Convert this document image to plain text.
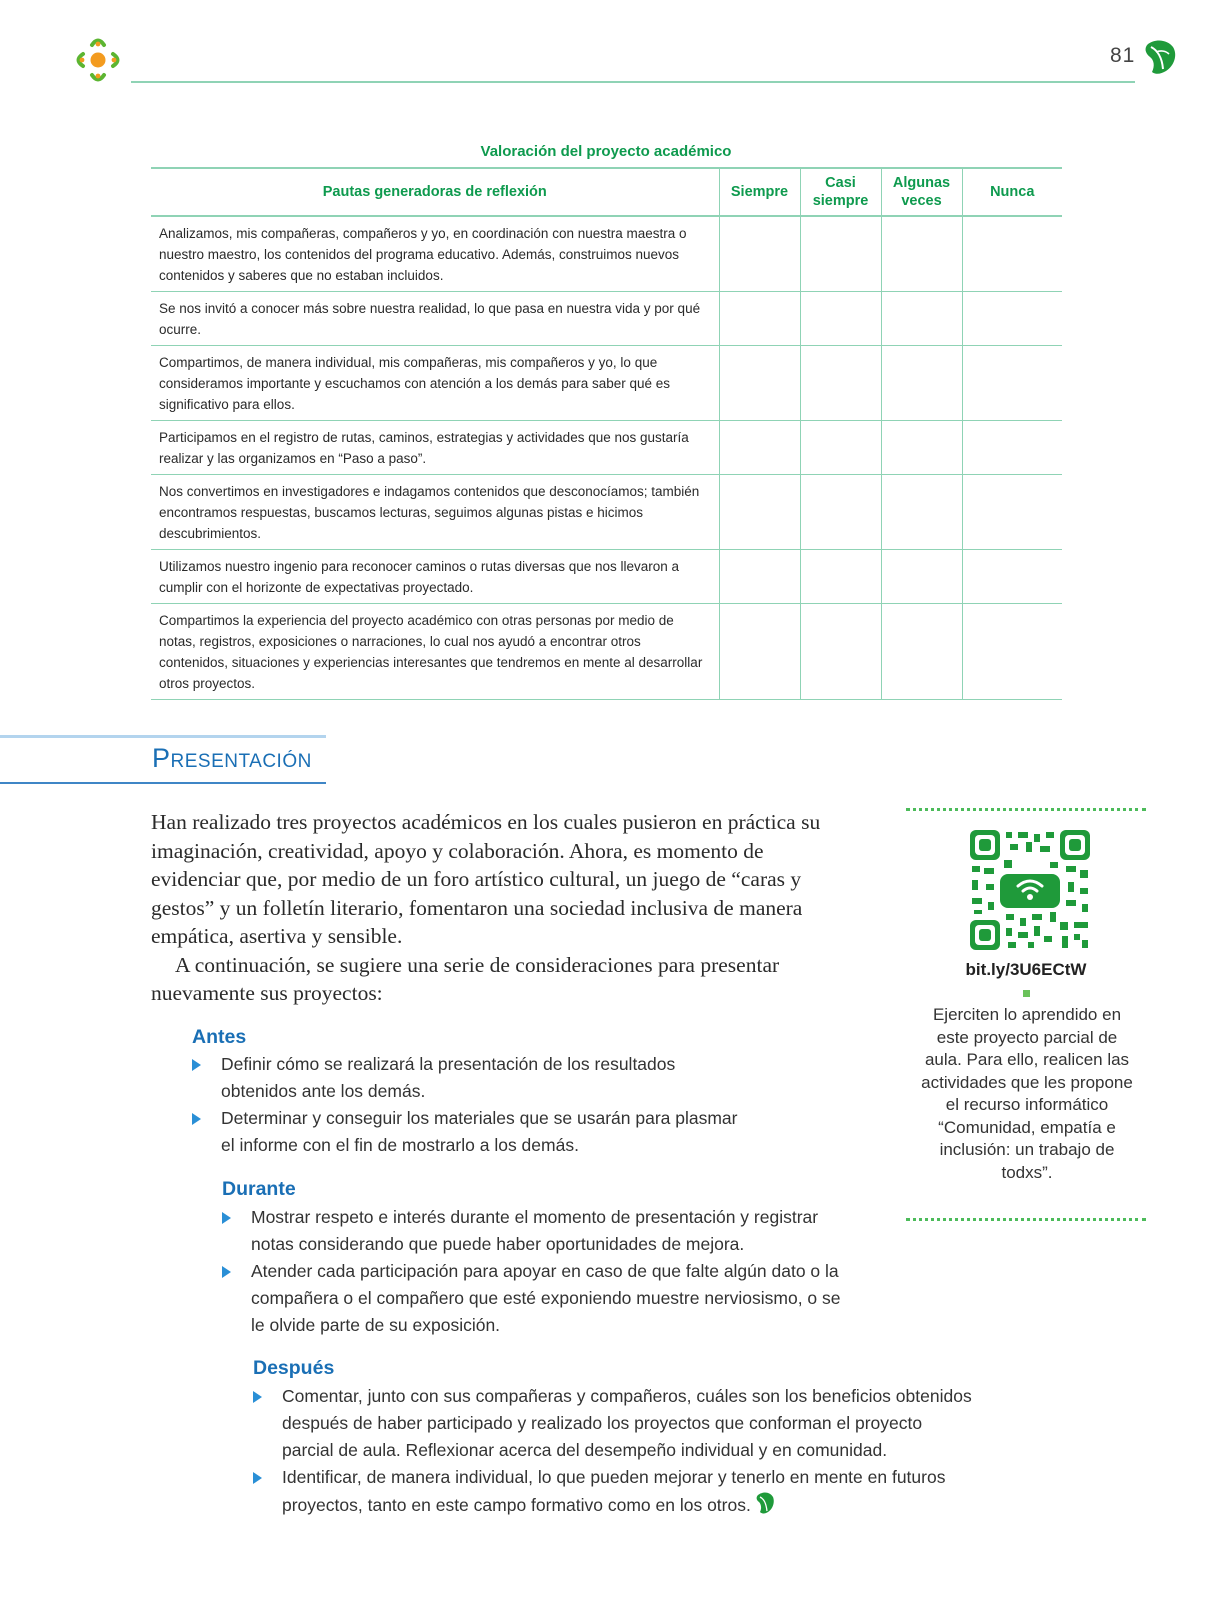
81
Valoración del proyecto académico
Pautas generadoras de reflexión	Siempre	Casi siempre	Algunas veces	Nunca
Analizamos, mis compañeras, compañeros y yo, en coordinación con nuestra maestra o nuestro maestro, los contenidos del programa educativo. Además, construimos nuevos contenidos y saberes que no estaban incluidos.				
Se nos invitó a conocer más sobre nuestra realidad, lo que pasa en nuestra vida y por qué ocurre.				
Compartimos, de manera individual, mis compañeras, mis compañeros y yo, lo que consideramos importante y escuchamos con atención a los demás para saber qué es significativo para ellos.				
Participamos en el registro de rutas, caminos, estrategias y actividades que nos gustaría realizar y las organizamos en “Paso a paso”.				
Nos convertimos en investigadores e indagamos contenidos que desconocíamos; también encontramos respuestas, buscamos lecturas, seguimos algunas pistas e hicimos descubrimientos.				
Utilizamos nuestro ingenio para reconocer caminos o rutas diversas que nos llevaron a cumplir con el horizonte de expectativas proyectado.				
Compartimos la experiencia del proyecto académico con otras personas por medio de notas, registros, exposiciones o narraciones, lo cual nos ayudó a encontrar otros contenidos, situaciones y experiencias interesantes que tendremos en mente al desarrollar otros proyectos.				
Presentación

Han realizado tres proyectos académicos en los cuales pusieron en práctica su imaginación, creatividad, apoyo y colaboración. Ahora, es momento de evidenciar que, por medio de un foro artístico cultural, un juego de “caras y gestos” y un folletín literario, fomentaron una sociedad inclusiva de manera empática, asertiva y sensible.

A continuación, se sugiere una serie de consideraciones para presentar nuevamente sus proyectos:

Antes
Definir cómo se realizará la presentación de los resultados obtenidos ante los demás.
Determinar y conseguir los materiales que se usarán para plasmar el informe con el fin de mostrarlo a los demás.
Durante
Mostrar respeto e interés durante el momento de presentación y registrar notas considerando que puede haber oportunidades de mejora.
Atender cada participación para apoyar en caso de que falte algún dato o la compañera o el compañero que esté exponiendo muestre nerviosismo, o se le olvide parte de su exposición.
Después
Comentar, junto con sus compañeras y compañeros, cuáles son los beneficios obtenidos después de haber participado y realizado los proyectos que conforman el proyecto parcial de aula. Reflexionar acerca del desempeño individual y en comunidad.
Identificar, de manera individual, lo que pueden mejorar y tenerlo en mente en futuros proyectos, tanto en este campo formativo como en los otros.
bit.ly/3U6ECtW
Ejerciten lo aprendido en este proyecto parcial de aula. Para ello, realicen las actividades que les propone el recurso informático “Comunidad, empatía e inclusión: un trabajo de todxs”.
